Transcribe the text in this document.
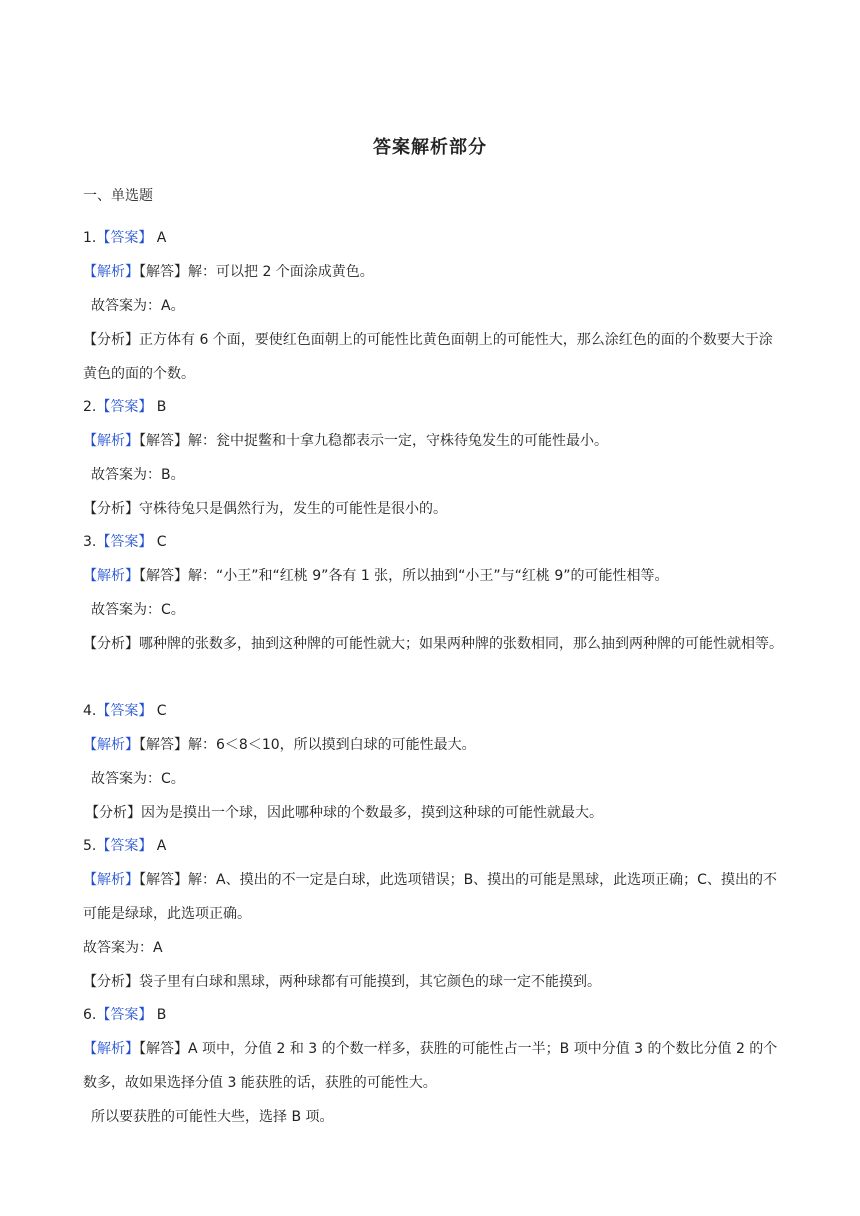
答案解析部分
一、单选题
1.【答案】 A
【解析】【解答】解：可以把 2 个面涂成黄色。
故答案为：A。
【分析】正方体有 6 个面，要使红色面朝上的可能性比黄色面朝上的可能性大，那么涂红色的面的个数要大于涂黄色的面的个数。
2.【答案】 B
【解析】【解答】解：瓮中捉鳖和十拿九稳都表示一定，守株待兔发生的可能性最小。
故答案为：B。
【分析】守株待兔只是偶然行为，发生的可能性是很小的。
3.【答案】 C
【解析】【解答】解：“小王”和“红桃 9”各有 1 张，所以抽到“小王”与“红桃 9”的可能性相等。
故答案为：C。
【分析】哪种牌的张数多，抽到这种牌的可能性就大；如果两种牌的张数相同，那么抽到两种牌的可能性就相等。
4.【答案】 C
【解析】【解答】解：6＜8＜10，所以摸到白球的可能性最大。
故答案为：C。
【分析】因为是摸出一个球，因此哪种球的个数最多，摸到这种球的可能性就最大。
5.【答案】 A
【解析】【解答】解：A、摸出的不一定是白球，此选项错误；B、摸出的可能是黑球，此选项正确；C、摸出的不可能是绿球，此选项正确。
故答案为：A
【分析】袋子里有白球和黑球，两种球都有可能摸到，其它颜色的球一定不能摸到。
6.【答案】 B
【解析】【解答】A 项中，分值 2 和 3 的个数一样多，获胜的可能性占一半；B 项中分值 3 的个数比分值 2 的个数多，故如果选择分值 3 能获胜的话，获胜的可能性大。
所以要获胜的可能性大些，选择 B 项。
